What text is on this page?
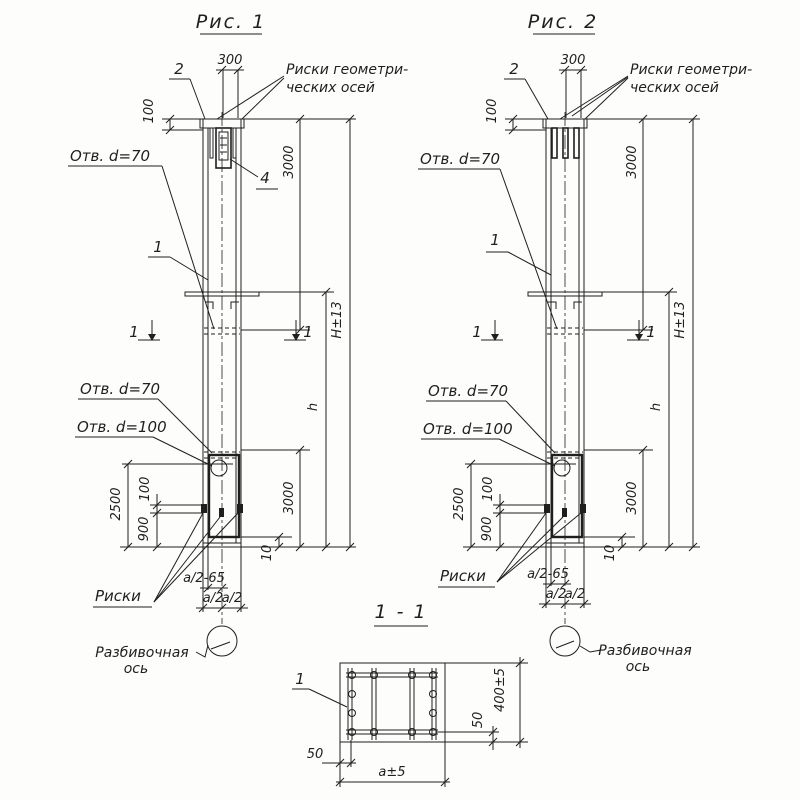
Рис. 1
300
100
3000
H±13
h
2500 100
900
3000
10
a/2-65
a/2
a/2
2	Риски геометри-
ческих осей
Отв. d=70
4
1
Отв. d=70
Отв. d=100
Риски
1	1
Разбивочная
ось
Рис. 2
300
100
3000
H±13
h
2500 100
900
3000
10
a/2-65
a/2
a/2
2	Риски геометри-
ческих осей
Отв. d=70
1
Отв. d=70
Отв. d=100
Риски
1	1
Разбивочная
ось
1 - 1
50
a±5
50
400±5
1
